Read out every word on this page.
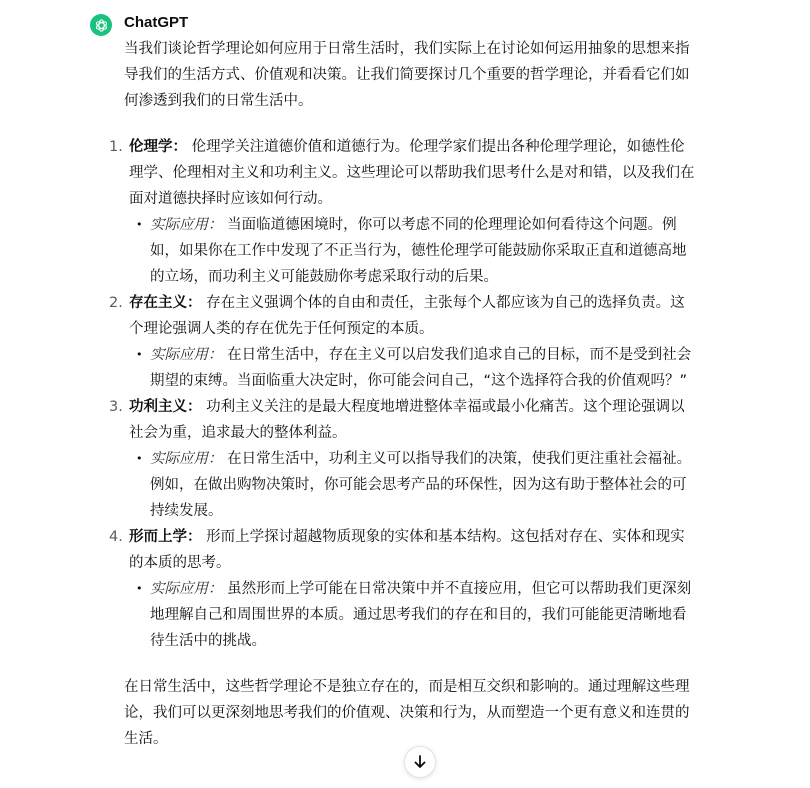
ChatGPT

当我们谈论哲学理论如何应用于日常生活时，我们实际上在讨论如何运用抽象的思想来指导我们的生活方式、价值观和决策。让我们简要探讨几个重要的哲学理论，并看看它们如何渗透到我们的日常生活中。

1. 伦理学： 伦理学关注道德价值和道德行为。伦理学家们提出各种伦理学理论，如德性伦理学、伦理相对主义和功利主义。这些理论可以帮助我们思考什么是对和错，以及我们在面对道德抉择时应该如何行动。
• 实际应用： 当面临道德困境时，你可以考虑不同的伦理理论如何看待这个问题。例如，如果你在工作中发现了不正当行为，德性伦理学可能鼓励你采取正直和道德高地的立场，而功利主义可能鼓励你考虑采取行动的后果。
2. 存在主义： 存在主义强调个体的自由和责任，主张每个人都应该为自己的选择负责。这个理论强调人类的存在优先于任何预定的本质。
• 实际应用： 在日常生活中，存在主义可以启发我们追求自己的目标，而不是受到社会期望的束缚。当面临重大决定时，你可能会问自己，“这个选择符合我的价值观吗？”
3. 功利主义： 功利主义关注的是最大程度地增进整体幸福或最小化痛苦。这个理论强调以社会为重，追求最大的整体利益。
• 实际应用： 在日常生活中，功利主义可以指导我们的决策，使我们更注重社会福祉。例如，在做出购物决策时，你可能会思考产品的环保性，因为这有助于整体社会的可持续发展。
4. 形而上学： 形而上学探讨超越物质现象的实体和基本结构。这包括对存在、实体和现实的本质的思考。
• 实际应用： 虽然形而上学可能在日常决策中并不直接应用，但它可以帮助我们更深刻地理解自己和周围世界的本质。通过思考我们的存在和目的，我们可能能更清晰地看待生活中的挑战。

在日常生活中，这些哲学理论不是独立存在的，而是相互交织和影响的。通过理解这些理论，我们可以更深刻地思考我们的价值观、决策和行为，从而塑造一个更有意义和连贯的生活。
